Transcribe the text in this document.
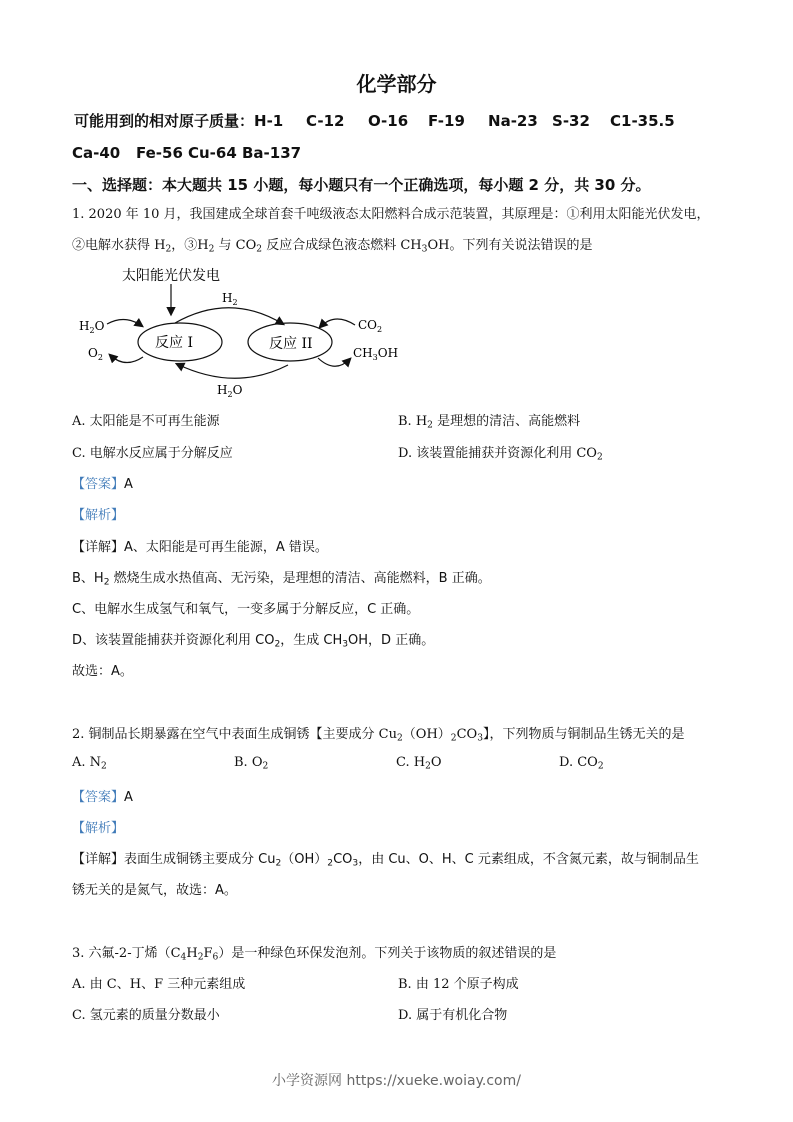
化学部分
可能用到的相对原子质量：H-1 C-12 O-16 F-19 Na-23 S-32 C1-35.5
Ca-40 Fe-56 Cu-64 Ba-137
一、选择题：本大题共 15 小题，每小题只有一个正确选项，每小题 2 分，共 30 分。
1. 2020 年 10 月，我国建成全球首套千吨级液态太阳燃料合成示范装置，其原理是：①利用太阳能光伏发电，
②电解水获得 $H_2$，$③H_2$ 与 $CO_2$ 反应合成绿色液态燃料 $CH_3OH$。下列有关说法错误的是
太阳能光伏发电
反应 I	反应 II
$H_2$
$H_2O$
$O_2$
$CO_2$
$CH_3OH$
$H_2O$
A. 太阳能是不可再生能源	B. $H_2$ 是理想的清洁、高能燃料
C. 电解水反应属于分解反应	D. 该装置能捕获并资源化利用 $CO_2$
【答案】A
【解析】
【详解】A、太阳能是可再生能源，A 错误。
B、$H_2$ 燃烧生成水热值高、无污染，是理想的清洁、高能燃料，B 正确。
C、电解水生成氢气和氧气，一变多属于分解反应，C 正确。
D、该装置能捕获并资源化利用 $CO_2$，生成 $CH_3OH$，D 正确。
故选：A。
2. 铜制品长期暴露在空气中表面生成铜锈【主要成分 $Cu_2(OH)_2CO_3$】，下列物质与铜制品生锈无关的是
A. $N_2$	B. $O_2$	C. $H_2O$	D. $CO_2$
【答案】A
【解析】
【详解】表面生成铜锈主要成分 $Cu_2(OH)_2CO_3$，由 Cu、O、H、C 元素组成，不含氮元素，故与铜制品生
锈无关的是氮气，故选：A。
3. 六氟-2-丁烯$(C_4H_2F_6)$是一种绿色环保发泡剂。下列关于该物质的叙述错误的是
A. 由 C、H、F 三种元素组成	B. 由 12 个原子构成
C. 氢元素的质量分数最小	D. 属于有机化合物
小学资源网 https://xueke.woiay.com/
